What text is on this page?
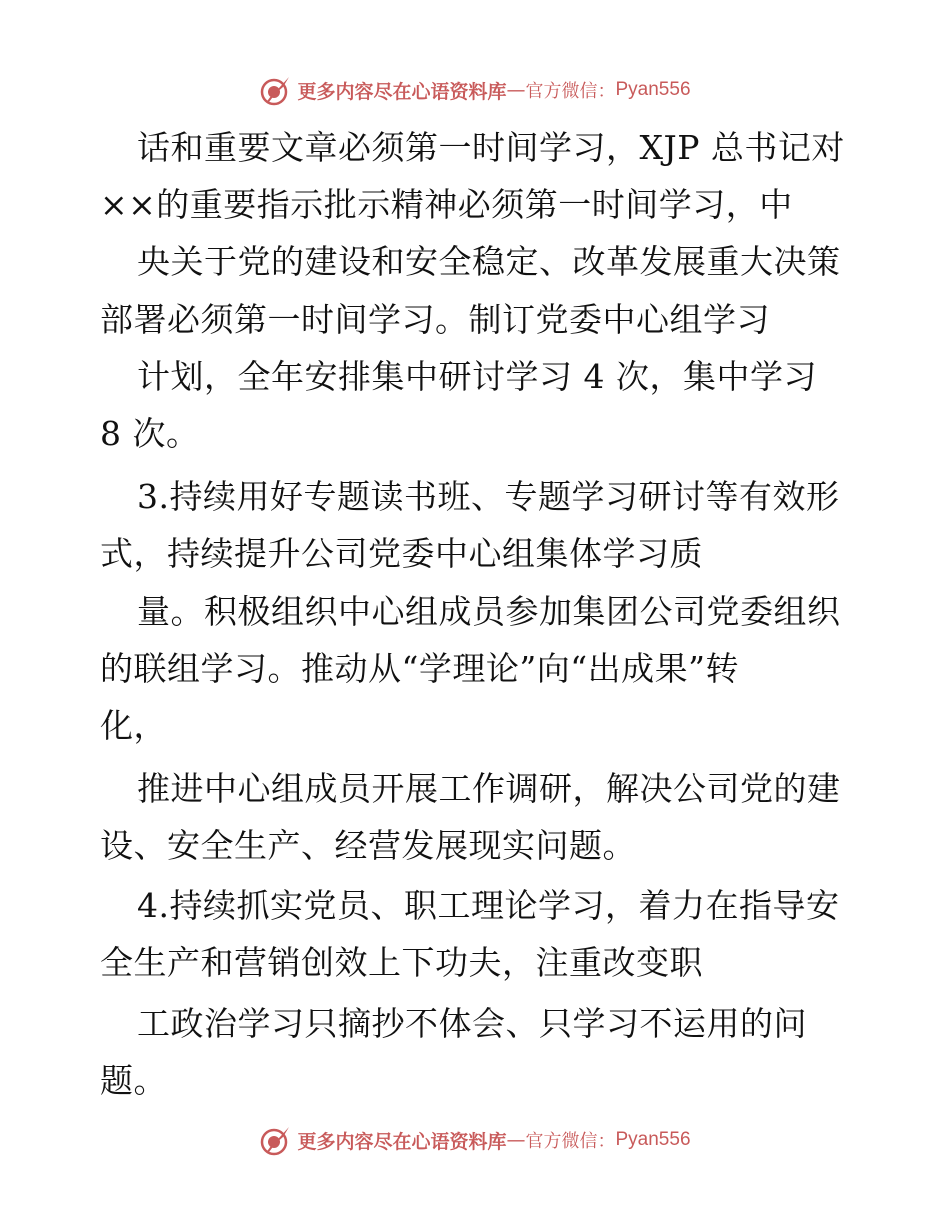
更多内容尽在心语资料库 — 官方微信： Pyan556
话和重要文章必须第一时间学习，XJP 总书记对
××的重要指示批示精神必须第一时间学习，中
央关于党的建设和安全稳定、改革发展重大决策
部署必须第一时间学习。制订党委中心组学习
计划，全年安排集中研讨学习 4 次，集中学习
8 次。
3.持续用好专题读书班、专题学习研讨等有效形
式，持续提升公司党委中心组集体学习质
量。积极组织中心组成员参加集团公司党委组织
的联组学习。推动从“学理论”向“出成果”转
化，
推进中心组成员开展工作调研，解决公司党的建
设、安全生产、经营发展现实问题。
4.持续抓实党员、职工理论学习，着力在指导安
全生产和营销创效上下功夫，注重改变职
工政治学习只摘抄不体会、只学习不运用的问
题。
更多内容尽在心语资料库 — 官方微信： Pyan556
